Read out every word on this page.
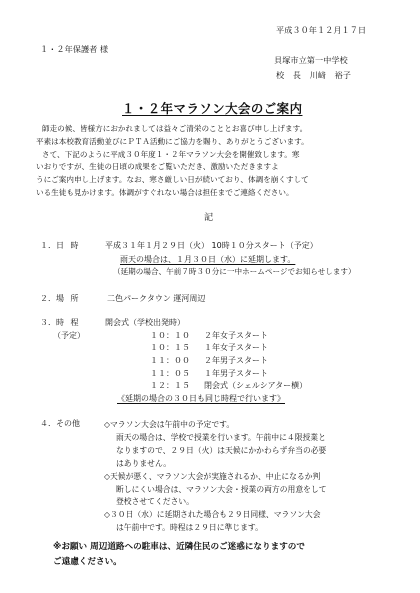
平成３０年１２月１７日
１・２年保護者 様
貝塚市立第一中学校
校 長 川﨑 裕子
１・２年マラソン大会のご案内

師走の候、皆様方におかれましては益々ご清栄のこととお喜び申し上げます。

平素は本校教育活動並びにＰＴＡ活動にご協力を賜り、ありがとうございます。

さて、下記のように平成３０年度１・２年マラソン大会を開催致します。寒

いおりですが、生徒の日頃の成果をご覧いただき、激励いただきますよ

うにご案内申し上げます。なお、寒さ厳しい日が続いており、体調を崩くすして

いる生徒も見かけます。体調がすぐれない場合は担任までご連絡ください。

記
１．日 時	平成３１年１月２９日（火） 10時１０分スタート（予定）
雨天の場合は、１月３０日（水）に延期します。
（延期の場合、午前７時３０分に一中ホームページでお知らせします）
２．場 所	二色パークタウン 運河周辺
３．時 程
（予定）
開会式（学校出発時）
１０：１０	２年女子スタート
１０：１５	１年女子スタート
１１：００	２年男子スタート
１１：０５	１年男子スタート
１２：１５	閉会式（シェルシアター横）
《延期の場合の３０日も同じ時程で行います》
４．その他	◇マラソン大会は午前中の予定です。
雨天の場合は、学校で授業を行います。午前中に４限授業と
なりますので、２９日（火）は天候にかかわらず弁当の必要
はありません。
◇天候が悪く、マラソン大会が実施されるか、中止になるか判
断しにくい場合は、マラソン大会・授業の両方の用意をして
登校させてください。
◇３０日（水）に延期された場合も２９日同様、マラソン大会
は午前中です。時程は２９日に準じます。
※お願い 周辺道路への駐車は、近隣住民のご迷惑になりますので
ご遠慮ください。
